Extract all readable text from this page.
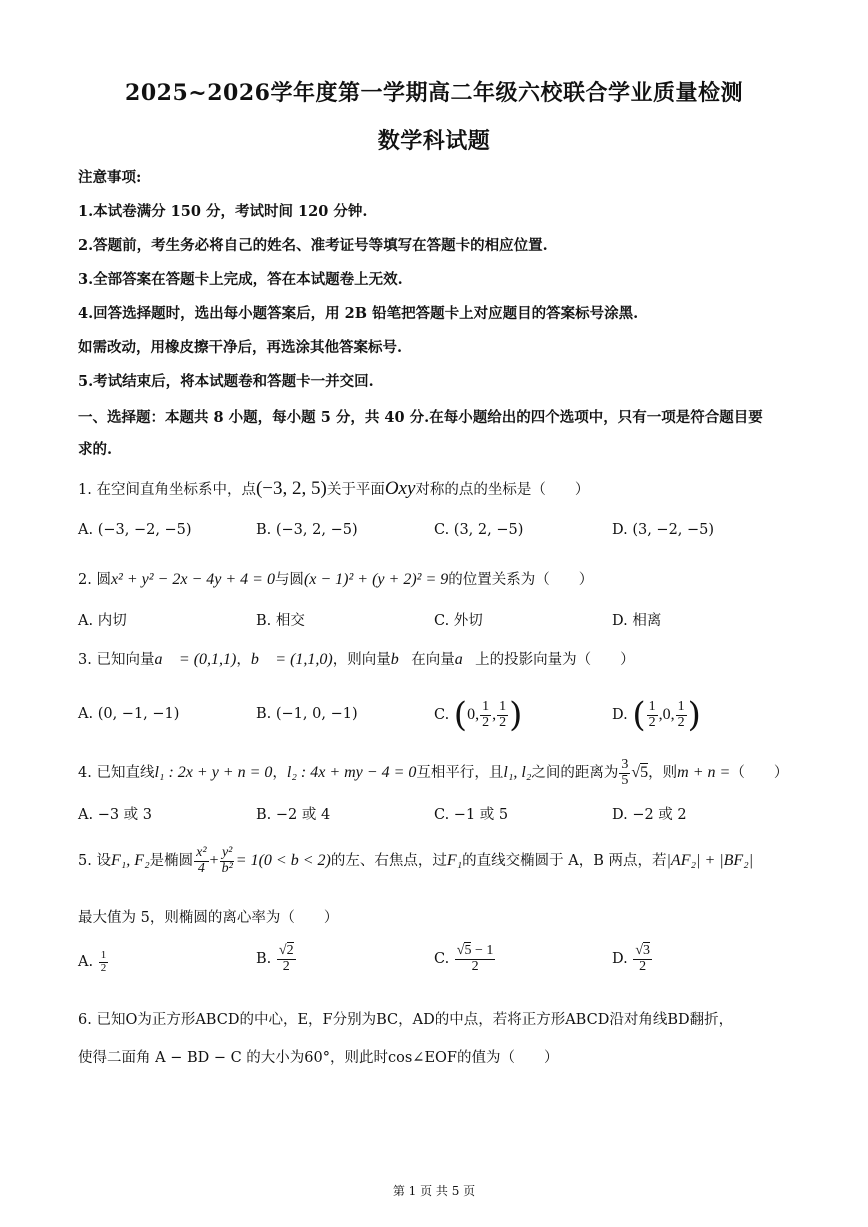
2025~2026学年度第一学期高二年级六校联合学业质量检测
数学科试题
注意事项:
1.本试卷满分 150 分，考试时间 120 分钟.
2.答题前，考生务必将自己的姓名、准考证号等填写在答题卡的相应位置.
3.全部答案在答题卡上完成，答在本试题卷上无效.
4.回答选择题时，选出每小题答案后，用 2B 铅笔把答题卡上对应题目的答案标号涂黑.
如需改动，用橡皮擦干净后，再选涂其他答案标号.
5.考试结束后，将本试题卷和答题卡一并交回.
一、选择题：本题共 8 小题，每小题 5 分，共 40 分.在每小题给出的四个选项中，只有一项是符合题目要
求的.
1. 在空间直角坐标系中，点(−3, 2, 5)关于平面Oxy对称的点的坐标是（　　）
A. (−3, −2, −5)	B. (−3, 2, −5)	C. (3, 2, −5)	D. (3, −2, −5)
2. 圆x² + y² − 2x − 4y + 4 = 0与圆(x − 1)² + (y + 2)² = 9的位置关系为（　　）
A. 内切	B. 相交	C. 外切	D. 相离
3. 已知向量a⃗ = (0,1,1)，b⃗ = (1,1,0)，则向量b⃗在向量a⃗上的投影向量为（　　）
A. (0, −1, −1)	B. (−1, 0, −1)	C. (0, $\frac{1}{2}$ , $\frac{1}{2}$ )	D. ( $\frac{1}{2} ,0$, $\frac{1}{2}$ )
4. 已知直线l₁ : 2x + y + n = 0，l₂ : 4x + my − 4 = 0互相平行，且l₁, l₂之间的距离为 $\frac{3}{5} √5$，则m + n =（　　）
A. −3 或 3	B. −2 或 4	C. −1 或 5	D. −2 或 2
5. 设F₁, F₂是椭圆 $\frac{\text{x²}}{4} + \frac{\text{y²}}{\text{b²}} = 1(0 < b < 2)$的左、右焦点，过F₁的直线交椭圆于 A，B 两点，若|AF₂| + |BF₂|
最大值为 5，则椭圆的离心率为（　　）
A. $\frac{1}{2}$	B. $\frac{√2}{2}$	C. $\frac{√5 - 1}{2}$	D. $\frac{√3}{2}$
6. 已知O为正方形ABCD的中心，E，F分别为BC，AD的中点，若将正方形ABCD沿对角线BD翻折，
使得二面角 A − BD − C 的大小为60°，则此时cos∠EOF的值为（　　）
第 1 页 共 5 页
